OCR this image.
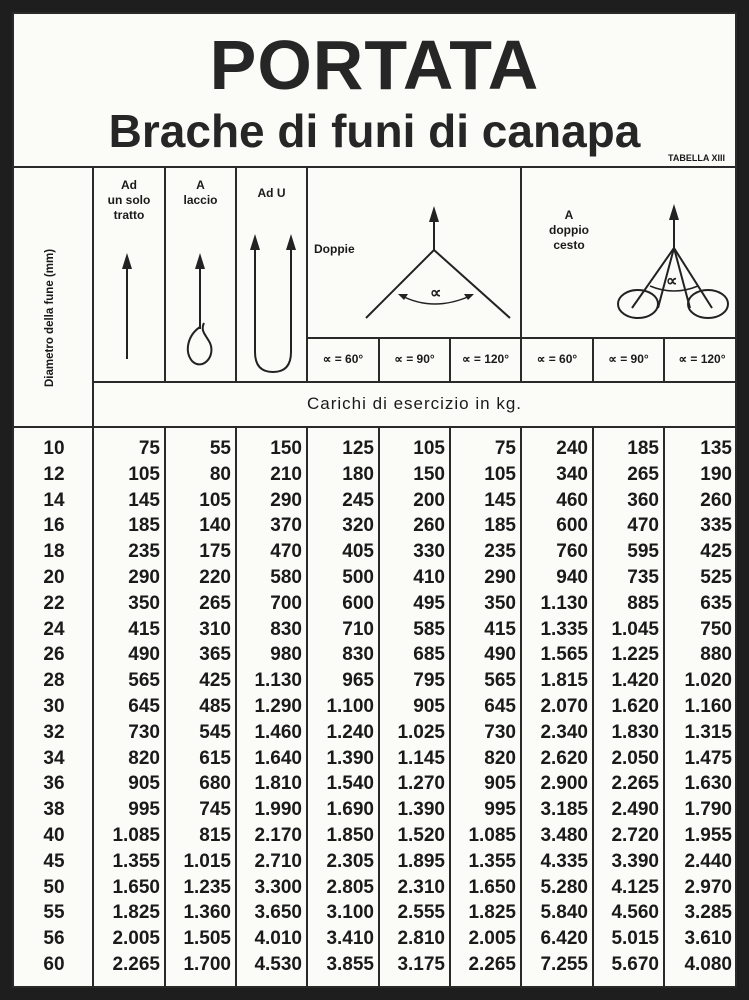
PORTATA
Brache di funi di canapa
TABELLA XIII
Diametro della fune (mm)
Ad
un solo
tratto
A
laccio	Ad U
Doppie
A
doppio
cesto
∝
∝
∝ = 60°	∝ = 90°	∝ = 120°	∝ = 60°	∝ = 90°	∝ = 120°
Carichi di esercizio in kg.
10	75	55	150	125	105	75	240	185	135
12	105	80	210	180	150	105	340	265	190
14	145	105	290	245	200	145	460	360	260
16	185	140	370	320	260	185	600	470	335
18	235	175	470	405	330	235	760	595	425
20	290	220	580	500	410	290	940	735	525
22	350	265	700	600	495	350	1.130	885	635
24	415	310	830	710	585	415	1.335	1.045	750
26	490	365	980	830	685	490	1.565	1.225	880
28	565	425	1.130	965	795	565	1.815	1.420	1.020
30	645	485	1.290	1.100	905	645	2.070	1.620	1.160
32	730	545	1.460	1.240	1.025	730	2.340	1.830	1.315
34	820	615	1.640	1.390	1.145	820	2.620	2.050	1.475
36	905	680	1.810	1.540	1.270	905	2.900	2.265	1.630
38	995	745	1.990	1.690	1.390	995	3.185	2.490	1.790
40	1.085	815	2.170	1.850	1.520	1.085	3.480	2.720	1.955
45	1.355	1.015	2.710	2.305	1.895	1.355	4.335	3.390	2.440
50	1.650	1.235	3.300	2.805	2.310	1.650	5.280	4.125	2.970
55	1.825	1.360	3.650	3.100	2.555	1.825	5.840	4.560	3.285
56	2.005	1.505	4.010	3.410	2.810	2.005	6.420	5.015	3.610
60	2.265	1.700	4.530	3.855	3.175	2.265	7.255	5.670	4.080
